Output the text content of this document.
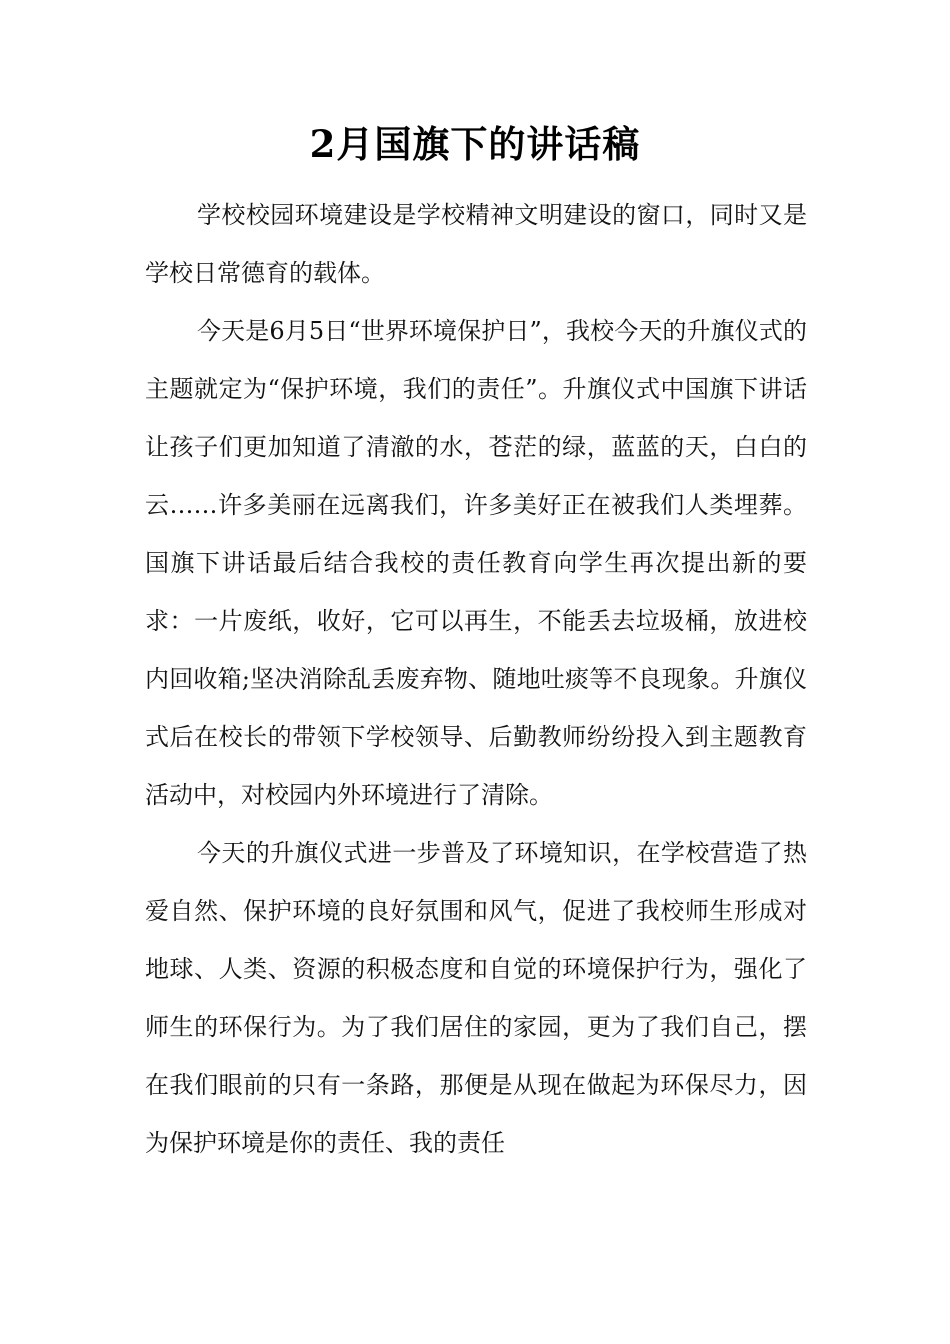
2月国旗下的讲话稿

学校校园环境建设是学校精神文明建设的窗口，同时又是学校日常德育的载体。

今天是6月5日“世界环境保护日”，我校今天的升旗仪式的主题就定为“保护环境，我们的责任”。升旗仪式中国旗下讲话让孩子们更加知道了清澈的水，苍茫的绿，蓝蓝的天，白白的云……许多美丽在远离我们，许多美好正在被我们人类埋葬。国旗下讲话最后结合我校的责任教育向学生再次提出新的要求：一片废纸，收好，它可以再生，不能丢去垃圾桶，放进校内回收箱;坚决消除乱丢废弃物、随地吐痰等不良现象。升旗仪式后在校长的带领下学校领导、后勤教师纷纷投入到主题教育活动中，对校园内外环境进行了清除。

今天的升旗仪式进一步普及了环境知识，在学校营造了热爱自然、保护环境的良好氛围和风气，促进了我校师生形成对地球、人类、资源的积极态度和自觉的环境保护行为，强化了师生的环保行为。为了我们居住的家园，更为了我们自己，摆在我们眼前的只有一条路，那便是从现在做起为环保尽力，因为保护环境是你的责任、我的责任
